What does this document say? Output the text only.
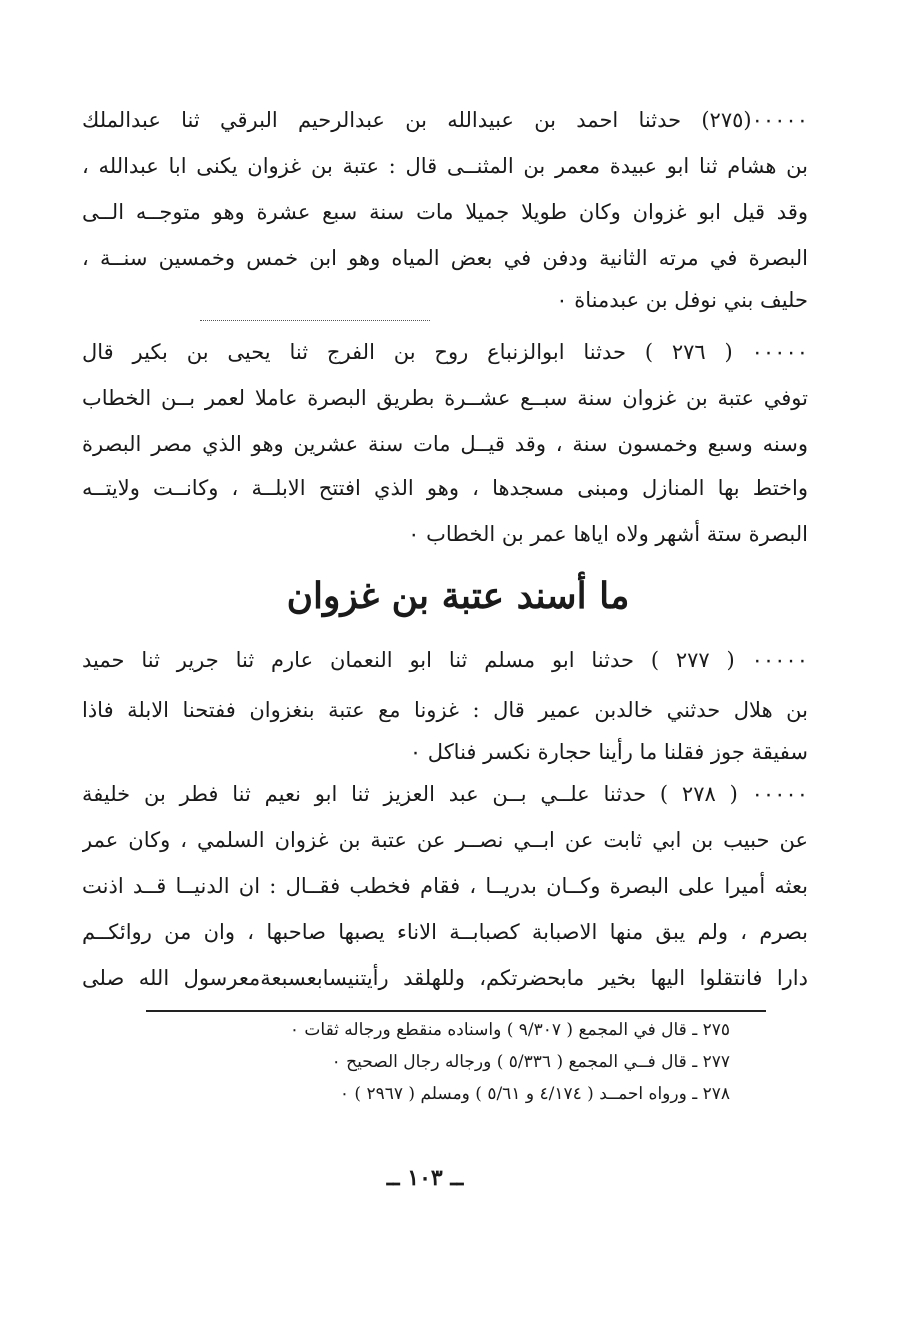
٠٠٠٠٠(٢٧٥) حدثنا احمد بن عبيدالله بن عبدالرحيم البرقي ثنا عبدالملك
بن هشام ثنا ابو عبيدة معمر بن المثنــى قال : عتبة بن غزوان يكنى ابا عبدالله ،
وقد قيل ابو غزوان وكان طويلا جميلا مات سنة سبع عشرة وهو متوجــه الــى
البصرة في مرته الثانية ودفن في بعض المياه وهو ابن خمس وخمسين سنــة ،
حليف بني نوفل بن عبدمناة ٠
٠٠٠٠٠ ( ٢٧٦ ) حدثنا ابوالزنباع روح بن الفرج ثنا يحيى بن بكير قال
توفي عتبة بن غزوان سنة سبــع عشــرة بطريق البصرة عاملا لعمر بــن الخطاب
وسنه وسبع وخمسون سنة ، وقد قيــل مات سنة عشرين وهو الذي مصر البصرة
واختط بها المنازل ومبنى مسجدها ، وهو الذي افتتح الابلــة ، وكانــت ولايتــه
البصرة ستة أشهر ولاه اياها عمر بن الخطاب ٠
٠٠٠٠٠ ( ٢٧٧ ) حدثنا ابو مسلم ثنا ابو النعمان عارم ثنا جرير ثنا حميد
بن هلال حدثني خالدبن عمير قال : غزونا مع عتبة بنغزوان ففتحنا الابلة فاذا
سفيقة جوز فقلنا ما رأينا حجارة نكسر فناكل ٠
٠٠٠٠٠ ( ٢٧٨ ) حدثنا علــي بــن عبد العزيز ثنا ابو نعيم ثنا فطر بن خليفة
عن حبيب بن ابي ثابت عن ابــي نصــر عن عتبة بن غزوان السلمي ، وكان عمر
بعثه أميرا على البصرة وكــان بدريــا ، فقام فخطب فقــال : ان الدنيــا قــد اذنت
بصرم ، ولم يبق منها الاصبابة كصبابــة الاناء يصبها صاحبها ، وان من روائكــم
دارا فانتقلوا اليها بخير مابحضرتكم، وللهلقد رأيتنيسابعسبعةمعرسول الله صلى
ما أسند عتبة بن غزوان
٢٧٥ ـ قال في المجمع ( ٩/٣٠٧ ) واسناده منقطع ورجاله ثقات ٠
٢٧٧ ـ قال فــي المجمع ( ٥/٣٣٦ ) ورجاله رجال الصحيح ٠
٢٧٨ ـ ورواه احمــد ( ٤/١٧٤ و ٥/٦١ ) ومسلم ( ٢٩٦٧ ) ٠
ــ ١٠٣ ــ
